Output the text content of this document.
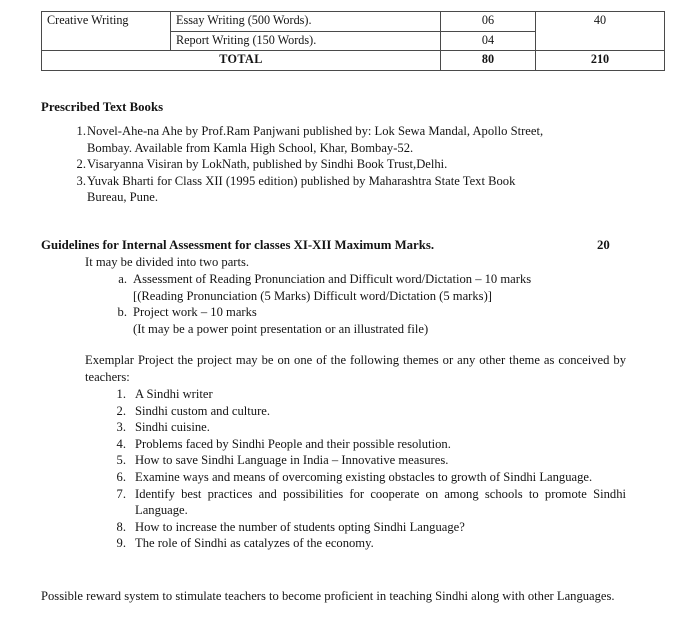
Creative Writing	Essay Writing (500 Words).	06	40
	Report Writing (150 Words).	04	
TOTAL		80	210
Prescribed Text Books
1. Novel-Ahe-na Ahe by Prof.Ram Panjwani published by: Lok Sewa Mandal, Apollo Street,
Bombay. Available from Kamla High School, Khar, Bombay-52.
2. Visaryanna Visiran by LokNath, published by Sindhi Book Trust,Delhi.
3. Yuvak Bharti for Class XII (1995 edition) published by Maharashtra State Text Book
Bureau, Pune.
Guidelines for Internal Assessment for classes XI-XII Maximum Marks.	20
It may be divided into two parts.
a. Assessment of Reading Pronunciation and Difficult word/Dictation – 10 marks
[(Reading Pronunciation (5 Marks) Difficult word/Dictation (5 marks)]
b. Project work – 10 marks
(It may be a power point presentation or an illustrated file)
Exemplar Project the project may be on one of the following themes or any other theme as conceived by teachers:
1. A Sindhi writer
2. Sindhi custom and culture.
3. Sindhi cuisine.
4. Problems faced by Sindhi People and their possible resolution.
5. How to save Sindhi Language in India – Innovative measures.
6. Examine ways and means of overcoming existing obstacles to growth of Sindhi Language.
7. Identify best practices and possibilities for cooperate on among schools to promote Sindhi Language.
8. How to increase the number of students opting Sindhi Language?
9. The role of Sindhi as catalyzes of the economy.
Possible reward system to stimulate teachers to become proficient in teaching Sindhi along with other Languages.
